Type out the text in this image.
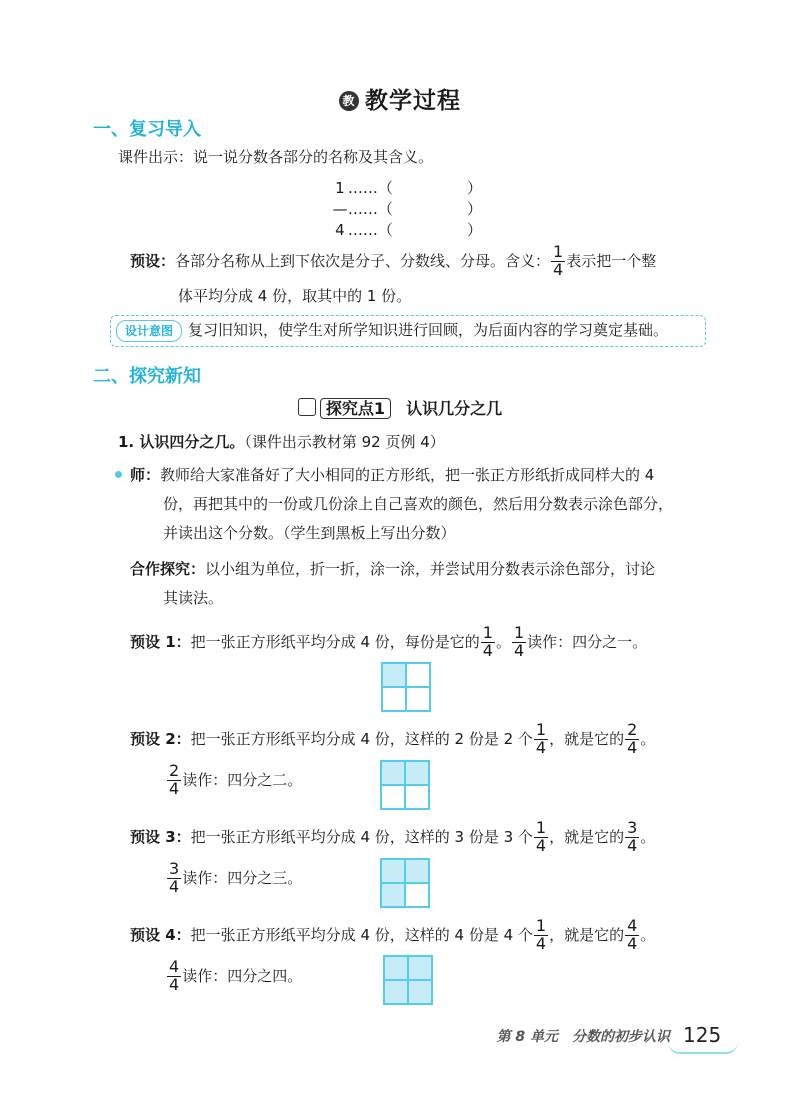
教 教学过程
一、复习导入
课件出示：说一说分数各部分的名称及其含义。
1 ……（	）
— ……（	）
4 ……（	）
预设：各部分名称从上到下依次是分子、分数线、分母。含义： $\frac{1}{4}$ 表示把一个整
体平均分成 4 份，取其中的 1 份。
设计意图	复习旧知识，使学生对所学知识进行回顾，为后面内容的学习奠定基础。
二、探究新知
探究点1 认识几分之几
1. 认识四分之几。（课件出示教材第 92 页例 4）
师：教师给大家准备好了大小相同的正方形纸，把一张正方形纸折成同样大的 4
份，再把其中的一份或几份涂上自己喜欢的颜色，然后用分数表示涂色部分，
并读出这个分数。（学生到黑板上写出分数）
合作探究：以小组为单位，折一折，涂一涂，并尝试用分数表示涂色部分，讨论
其读法。
预设 1：把一张正方形纸平均分成 4 份，每份是它的 $\frac{1}{4}$ 。 $\frac{1}{4}$ 读作：四分之一。
预设 2：把一张正方形纸平均分成 4 份，这样的 2 份是 2 个 $\frac{1}{4}$ ，就是它的 $\frac{2}{4}$ 。
$\frac{2}{4}$ 读作：四分之二。
预设 3：把一张正方形纸平均分成 4 份，这样的 3 份是 3 个 $\frac{1}{4}$ ，就是它的 $\frac{3}{4}$ 。
$\frac{3}{4}$ 读作：四分之三。
预设 4：把一张正方形纸平均分成 4 份，这样的 4 份是 4 个 $\frac{1}{4}$ ，就是它的 $\frac{4}{4}$ 。
$\frac{4}{4}$ 读作：四分之四。
第 8 单元　分数的初步认识 125
